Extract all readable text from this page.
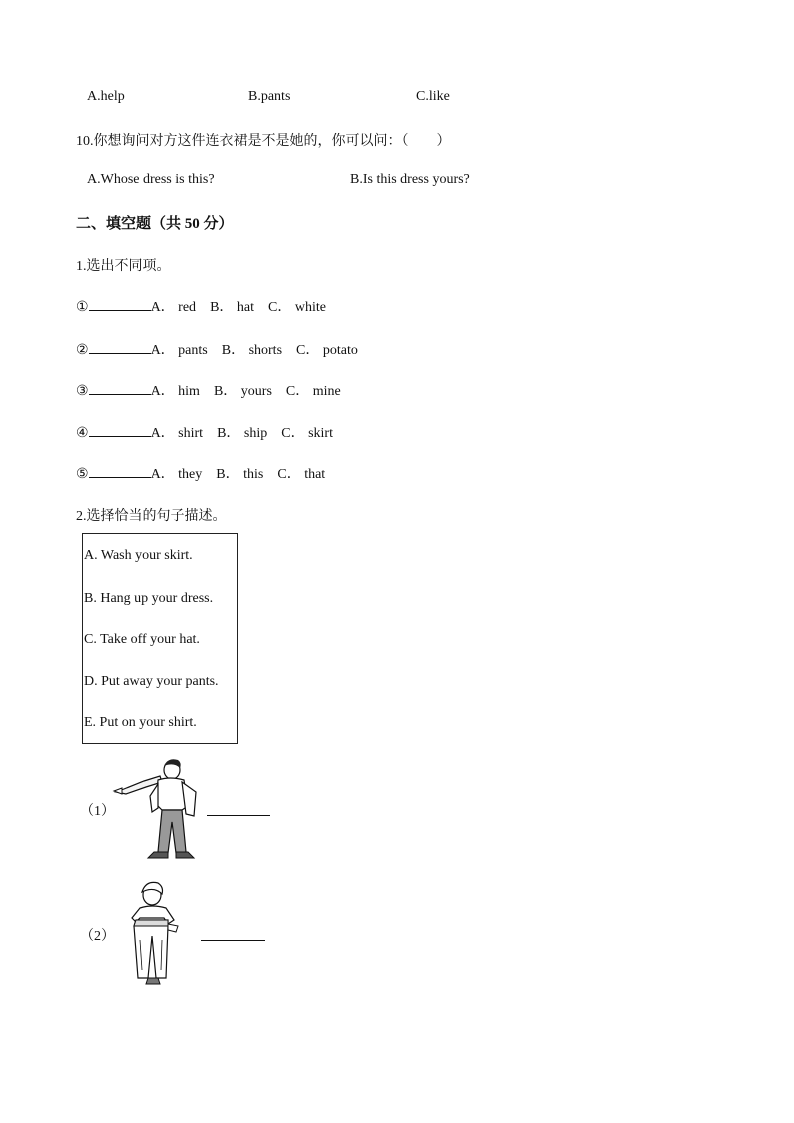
A.help	B.pants	C.like
10.你想询问对方这件连衣裙是不是她的，你可以问：（　　）
A.Whose dress is this?	B.Is this dress yours?
二、填空题（共 50 分）
1.选出不同项。
①	A． red B． hat C． white
②	A． pants B． shorts C． potato
③	A． him B． yours C． mine
④	A． shirt B． ship C． skirt
⑤	A． they B． this C． that
2.选择恰当的句子描述。
A. Wash your skirt.
B. Hang up your dress.
C. Take off your hat.
D. Put away your pants.
E. Put on your shirt.
（1）
（2）
